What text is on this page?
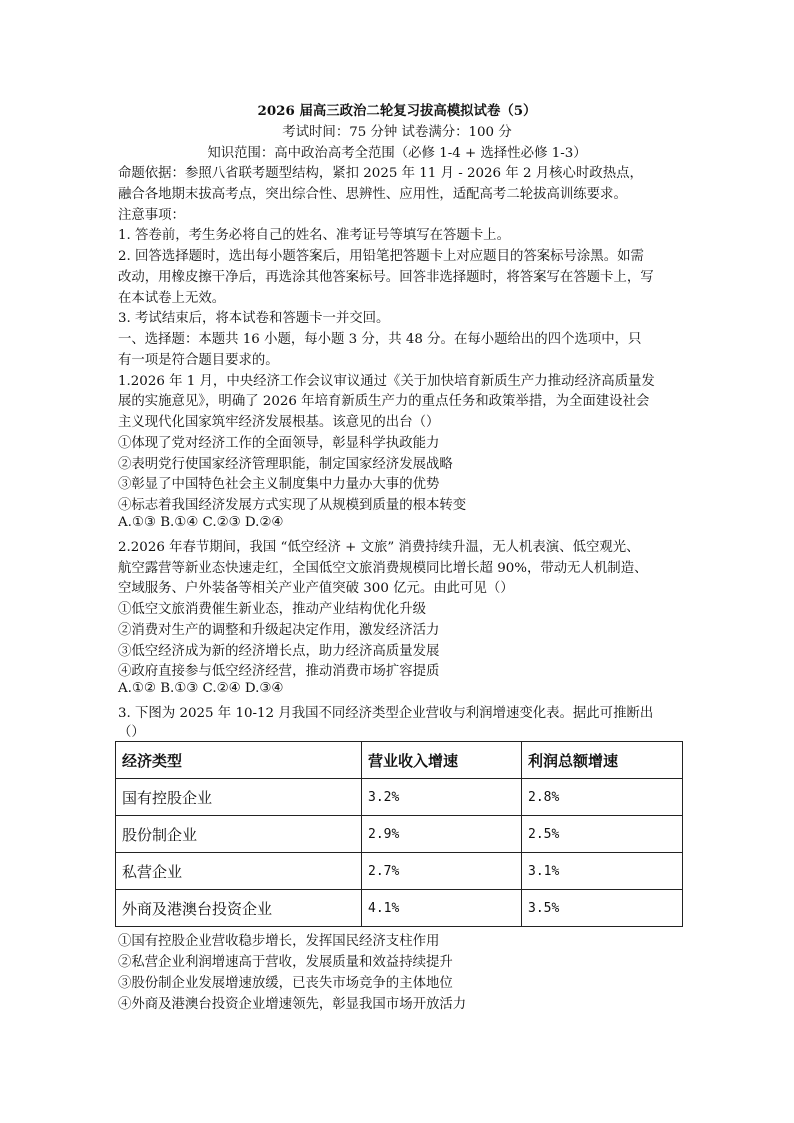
2026 届高三政治二轮复习拔高模拟试卷（5）
考试时间：75 分钟 试卷满分：100 分
知识范围：高中政治高考全范围（必修 1-4 + 选择性必修 1-3）
命题依据：参照八省联考题型结构，紧扣 2025 年 11 月 - 2026 年 2 月核心时政热点，
融合各地期末拔高考点，突出综合性、思辨性、应用性，适配高考二轮拔高训练要求。
注意事项：
1. 答卷前，考生务必将自己的姓名、准考证号等填写在答题卡上。
2. 回答选择题时，选出每小题答案后，用铅笔把答题卡上对应题目的答案标号涂黑。如需
改动，用橡皮擦干净后，再选涂其他答案标号。回答非选择题时，将答案写在答题卡上，写
在本试卷上无效。
3. 考试结束后，将本试卷和答题卡一并交回。
一、选择题：本题共 16 小题，每小题 3 分，共 48 分。在每小题给出的四个选项中，只
有一项是符合题目要求的。
1.2026 年 1 月，中央经济工作会议审议通过《关于加快培育新质生产力推动经济高质量发
展的实施意见》，明确了 2026 年培育新质生产力的重点任务和政策举措，为全面建设社会
主义现代化国家筑牢经济发展根基。该意见的出台（）
①体现了党对经济工作的全面领导，彰显科学执政能力
②表明党行使国家经济管理职能，制定国家经济发展战略
③彰显了中国特色社会主义制度集中力量办大事的优势
④标志着我国经济发展方式实现了从规模到质量的根本转变
A.①③ B.①④ C.②③ D.②④
2.2026 年春节期间，我国 “低空经济 + 文旅” 消费持续升温，无人机表演、低空观光、
航空露营等新业态快速走红，全国低空文旅消费规模同比增长超 90%，带动无人机制造、
空域服务、户外装备等相关产业产值突破 300 亿元。由此可见（）
①低空文旅消费催生新业态，推动产业结构优化升级
②消费对生产的调整和升级起决定作用，激发经济活力
③低空经济成为新的经济增长点，助力经济高质量发展
④政府直接参与低空经济经营，推动消费市场扩容提质
A.①② B.①③ C.②④ D.③④
3. 下图为 2025 年 10-12 月我国不同经济类型企业营收与利润增速变化表。据此可推断出
（）
经济类型	营业收入增速	利润总额增速
国有控股企业	3.2%	2.8%
股份制企业	2.9%	2.5%
私营企业	2.7%	3.1%
外商及港澳台投资企业	4.1%	3.5%
①国有控股企业营收稳步增长，发挥国民经济支柱作用
②私营企业利润增速高于营收，发展质量和效益持续提升
③股份制企业发展增速放缓，已丧失市场竞争的主体地位
④外商及港澳台投资企业增速领先，彰显我国市场开放活力
